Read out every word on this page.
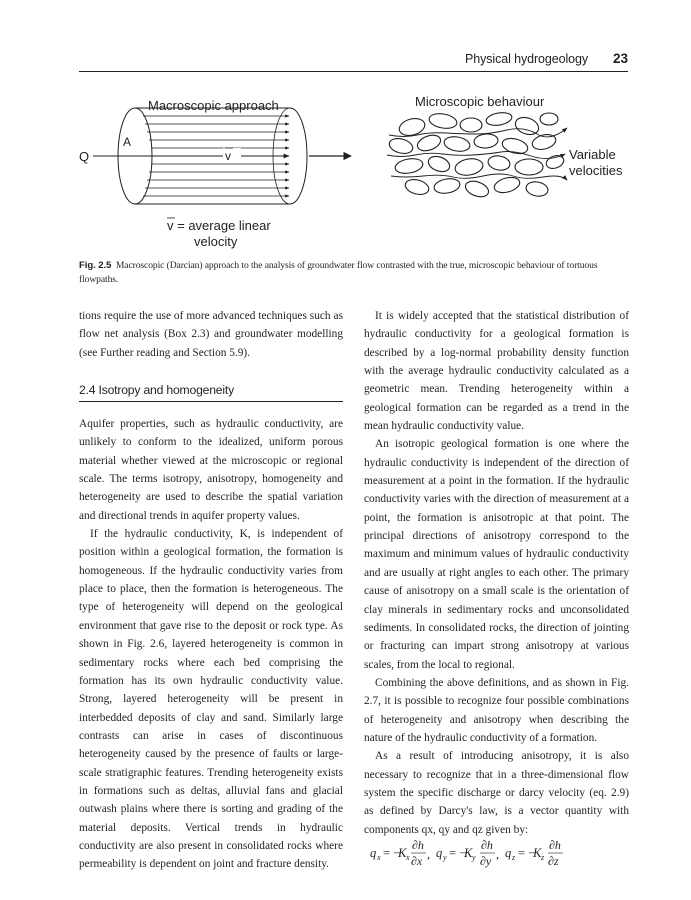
Physical hydrogeology 23
Macroscopic approach
v
Q
A
v = average linear
velocity
Microscopic behaviour
Variable
velocities
Fig. 2.5 Macroscopic (Darcian) approach to the analysis of groundwater flow contrasted with the true, microscopic behaviour of tortuous flowpaths.

tions require the use of more advanced techniques such as flow net analysis (Box 2.3) and groundwater modelling (see Further reading and Section 5.9).

2.4 Isotropy and homogeneity

Aquifer properties, such as hydraulic conductivity, are unlikely to conform to the idealized, uniform porous material whether viewed at the microscopic or regional scale. The terms isotropy, anisotropy, homogeneity and heterogeneity are used to describe the spatial variation and directional trends in aquifer property values.

If the hydraulic conductivity, K, is independent of position within a geological formation, the formation is homogeneous. If the hydraulic conductivity varies from place to place, then the formation is heterogeneous. The type of heterogeneity will depend on the geological environment that gave rise to the deposit or rock type. As shown in Fig. 2.6, layered heterogeneity is common in sedimentary rocks where each bed comprising the formation has its own hydraulic conductivity value. Strong, layered heterogeneity will be present in interbedded deposits of clay and sand. Similarly large contrasts can arise in cases of discontinuous heterogeneity caused by the presence of faults or large-scale stratigraphic features. Trending heterogeneity exists in formations such as deltas, alluvial fans and glacial outwash plains where there is sorting and grading of the material deposits. Vertical trends in hydraulic conductivity are also present in consolidated rocks where permeability is dependent on joint and fracture density.

It is widely accepted that the statistical distribution of hydraulic conductivity for a geological formation is described by a log-normal probability density function with the average hydraulic conductivity calculated as a geometric mean. Trending heterogeneity within a geological formation can be regarded as a trend in the mean hydraulic conductivity value.

An isotropic geological formation is one where the hydraulic conductivity is independent of the direction of measurement at a point in the formation. If the hydraulic conductivity varies with the direction of measurement at a point, the formation is anisotropic at that point. The principal directions of anisotropy correspond to the maximum and minimum values of hydraulic conductivity and are usually at right angles to each other. The primary cause of anisotropy on a small scale is the orientation of clay minerals in sedimentary rocks and unconsolidated sediments. In consolidated rocks, the direction of jointing or fracturing can impart strong anisotropy at various scales, from the local to regional.

Combining the above definitions, and as shown in Fig. 2.7, it is possible to recognize four possible combinations of heterogeneity and anisotropy when describing the nature of the hydraulic conductivity of a formation.

As a result of introducing anisotropy, it is also necessary to recognize that in a three-dimensional flow system the specific discharge or darcy velocity (eq. 2.9) as defined by Darcy's law, is a vector quantity with components qx, qy and qz given by:

q x = −
K x
∂h
∂x , q y = −
K y
∂h
∂y , q z = −
K z
∂h
∂z
